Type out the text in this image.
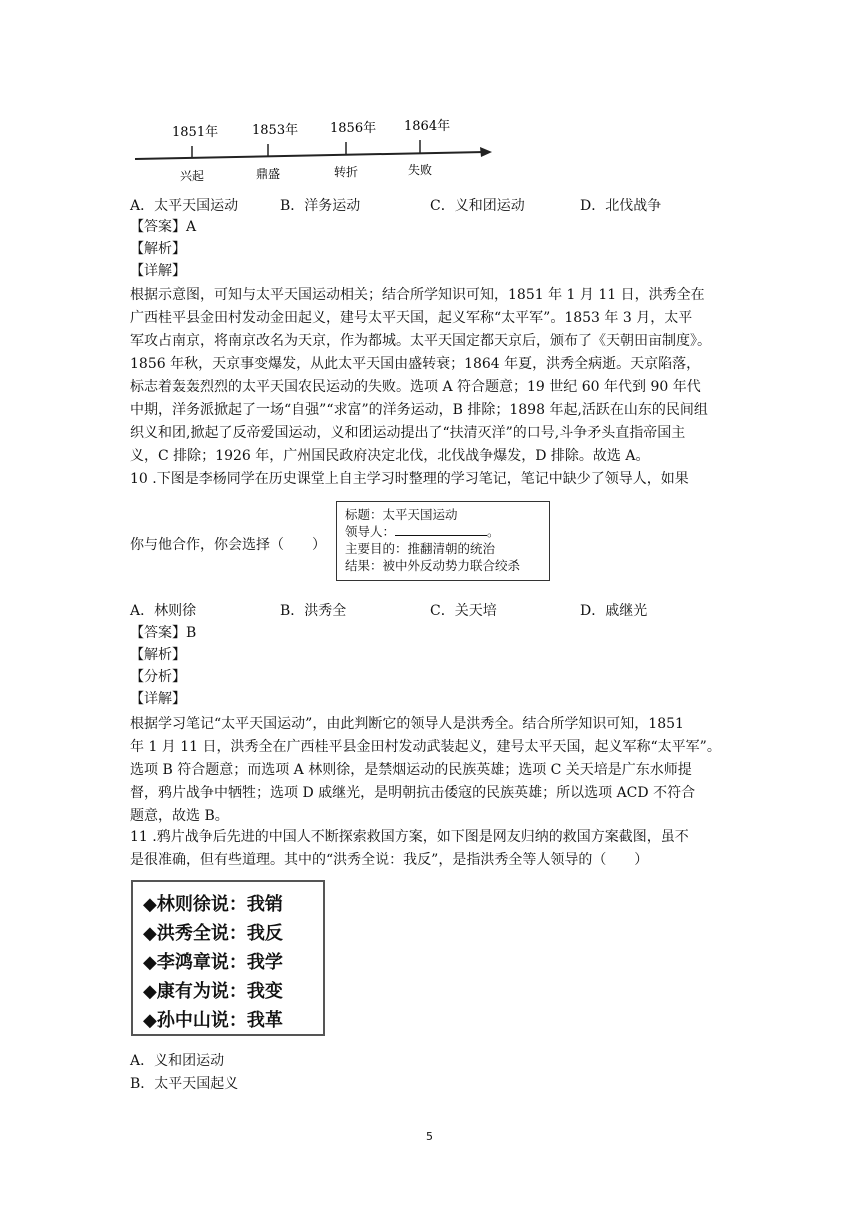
1851年	1853年 1856年 1864年
兴起	鼎盛	转折	失败
A．太平天国运动	B．洋务运动	C．义和团运动	D．北伐战争
【答案】A
【解析】
【详解】
根据示意图，可知与太平天国运动相关；结合所学知识可知，1851 年 1 月 11 日，洪秀全在
广西桂平县金田村发动金田起义，建号太平天国，起义军称“太平军”。1853 年 3 月，太平
军攻占南京，将南京改名为天京，作为都城。太平天国定都天京后，颁布了《天朝田亩制度》。
1856 年秋，天京事变爆发，从此太平天国由盛转衰；1864 年夏，洪秀全病逝。天京陷落，
标志着轰轰烈烈的太平天国农民运动的失败。选项 A 符合题意；19 世纪 60 年代到 90 年代
中期，洋务派掀起了一场“自强”“求富”的洋务运动，B 排除；1898 年起,活跃在山东的民间组
织义和团,掀起了反帝爱国运动，义和团运动提出了“扶清灭洋”的口号,斗争矛头直指帝国主
义，C 排除；1926 年，广州国民政府决定北伐，北伐战争爆发，D 排除。故选 A。
10 .下图是李杨同学在历史课堂上自主学习时整理的学习笔记，笔记中缺少了领导人，如果
你与他合作，你会选择（　　）
标题：太平天国运动
领导人：	。
主要目的：推翻清朝的统治
结果：被中外反动势力联合绞杀
A．林则徐	B．洪秀全	C．关天培	D．戚继光
【答案】B
【解析】
【分析】
【详解】
根据学习笔记“太平天国运动”，由此判断它的领导人是洪秀全。结合所学知识可知，1851
年 1 月 11 日，洪秀全在广西桂平县金田村发动武装起义，建号太平天国，起义军称“太平军”。
选项 B 符合题意；而选项 A 林则徐，是禁烟运动的民族英雄；选项 C 关天培是广东水师提
督，鸦片战争中牺牲；选项 D 戚继光，是明朝抗击倭寇的民族英雄；所以选项 ACD 不符合
题意，故选 B。
11 .鸦片战争后先进的中国人不断探索救国方案，如下图是网友归纳的救国方案截图，虽不
是很准确，但有些道理。其中的“洪秀全说：我反”，是指洪秀全等人领导的（　　）
◆林则徐说：我销
◆洪秀全说：我反
◆李鸿章说：我学
◆康有为说：我变
◆孙中山说：我革
A．义和团运动
B．太平天国起义
5
